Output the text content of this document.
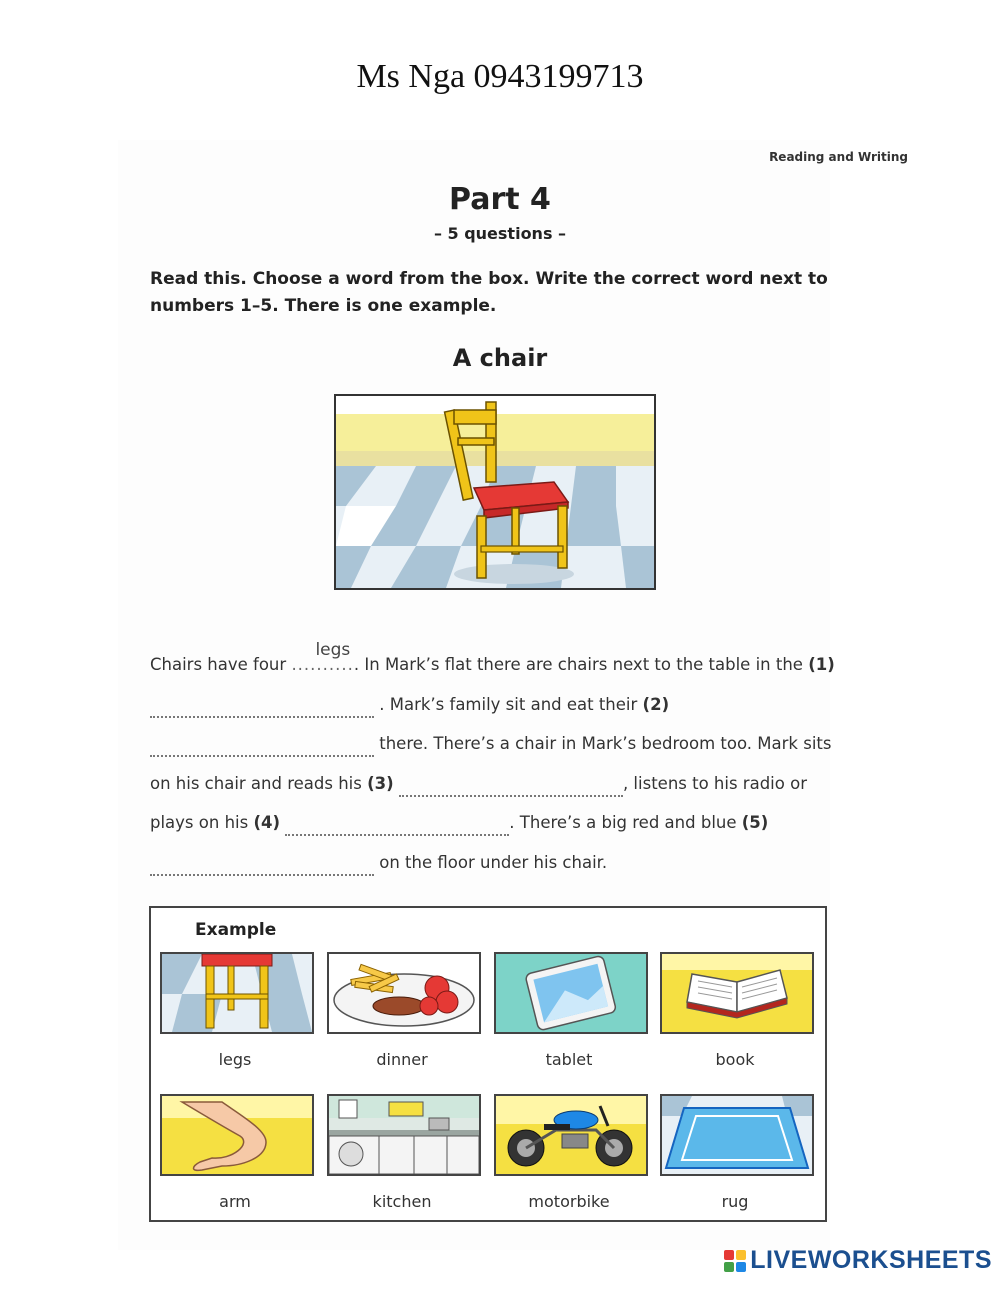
Ms Nga 0943199713
Reading and Writing
Part 4
– 5 questions –
Read this. Choose a word from the box. Write the correct word next to numbers 1–5. There is one example.
A chair
Chairs have four ..........
legs
. In Mark’s flat there are chairs next to the table in the (1)  . Mark’s family sit and eat their (2)  there. There’s a chair in Mark’s bedroom too. Mark sits on his chair and reads his (3)	, listens to his radio or plays on his (4)	. There’s a big red and blue (5)  on the floor under his chair.
Example
legs	dinner	tablet	book
arm	kitchen	motorbike	rug
LIVEWORKSHEETS
